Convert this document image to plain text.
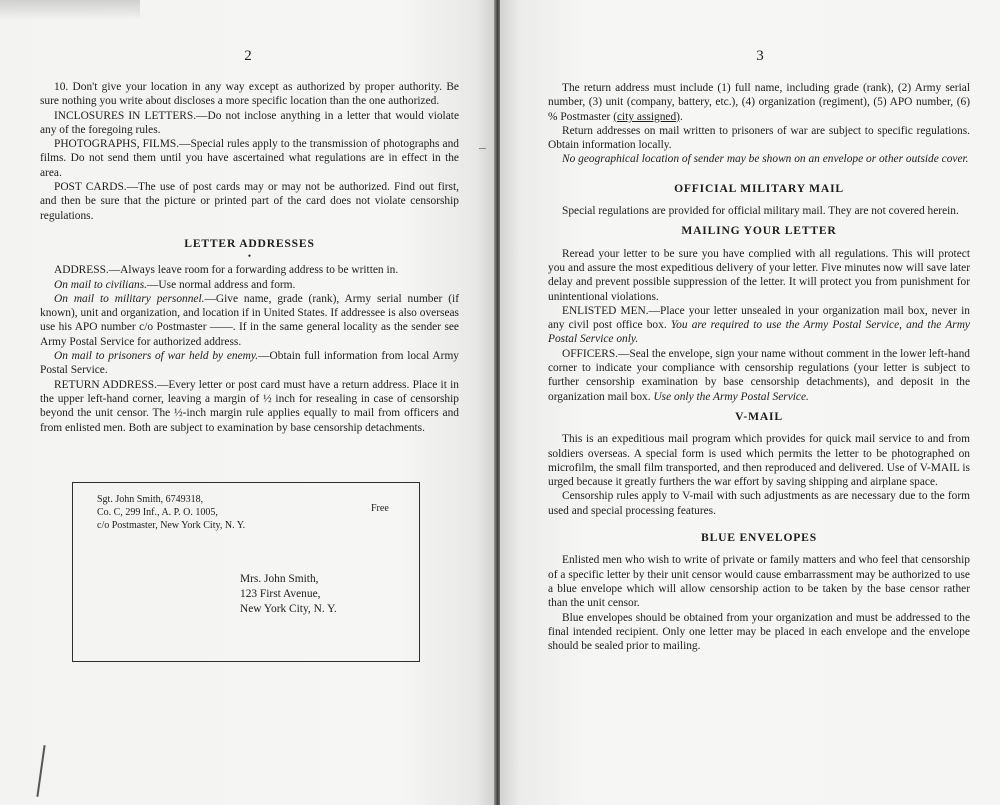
2

10. Don't give your location in any way except as authorized by proper authority. Be sure nothing you write about discloses a more specific location than the one authorized.

INCLOSURES IN LETTERS.—Do not inclose anything in a letter that would violate any of the foregoing rules.

PHOTOGRAPHS, FILMS.—Special rules apply to the transmission of photographs and films. Do not send them until you have ascertained what regulations are in effect in the area.

POST CARDS.—The use of post cards may or may not be authorized. Find out first, and then be sure that the picture or printed part of the card does not violate censorship regulations.

LETTER ADDRESSES
•

ADDRESS.—Always leave room for a forwarding address to be written in.

On mail to civilians.—Use normal address and form.

On mail to military personnel.—Give name, grade (rank), Army serial number (if known), unit and organization, and location if in United States. If addressee is also overseas use his APO number c/o Postmaster ——. If in the same general locality as the sender see Army Postal Service for authorized address.

On mail to prisoners of war held by enemy.—Obtain full information from local Army Postal Service.

RETURN ADDRESS.—Every letter or post card must have a return address. Place it in the upper left-hand corner, leaving a margin of ½ inch for resealing in case of censorship beyond the unit censor. The ½-inch margin rule applies equally to mail from officers and from enlisted men. Both are subject to examination by base censorship detachments.

Sgt. John Smith, 6749318,
Co. C, 299 Inf., A. P. O. 1005,
c/o Postmaster, New York City, N. Y.
Free
Mrs. John Smith,
123 First Avenue,
New York City, N. Y.
3

The return address must include (1) full name, including grade (rank), (2) Army serial number, (3) unit (company, battery, etc.), (4) organization (regiment), (5) APO number, (6) % Postmaster (city assigned).

Return addresses on mail written to prisoners of war are subject to specific regulations. Obtain information locally.

No geographical location of sender may be shown on an envelope or other outside cover.

OFFICIAL MILITARY MAIL

Special regulations are provided for official military mail. They are not covered herein.

MAILING YOUR LETTER

Reread your letter to be sure you have complied with all regulations. This will protect you and assure the most expeditious delivery of your letter. Five minutes now will save later delay and prevent possible suppression of the letter. It will protect you from punishment for unintentional violations.

ENLISTED MEN.—Place your letter unsealed in your organization mail box, never in any civil post office box. You are required to use the Army Postal Service, and the Army Postal Service only.

OFFICERS.—Seal the envelope, sign your name without comment in the lower left-hand corner to indicate your compliance with censorship regulations (your letter is subject to further censorship examination by base censorship detachments), and deposit in the organization mail box. Use only the Army Postal Service.

V-MAIL

This is an expeditious mail program which provides for quick mail service to and from soldiers overseas. A special form is used which permits the letter to be photographed on microfilm, the small film transported, and then reproduced and delivered. Use of V-MAIL is urged because it greatly furthers the war effort by saving shipping and airplane space.

Censorship rules apply to V-mail with such adjustments as are necessary due to the form used and special processing features.

BLUE ENVELOPES

Enlisted men who wish to write of private or family matters and who feel that censorship of a specific letter by their unit censor would cause embarrassment may be authorized to use a blue envelope which will allow censorship action to be taken by the base censor rather than the unit censor.

Blue envelopes should be obtained from your organization and must be addressed to the final intended recipient. Only one letter may be placed in each envelope and the envelope should be sealed prior to mailing.
